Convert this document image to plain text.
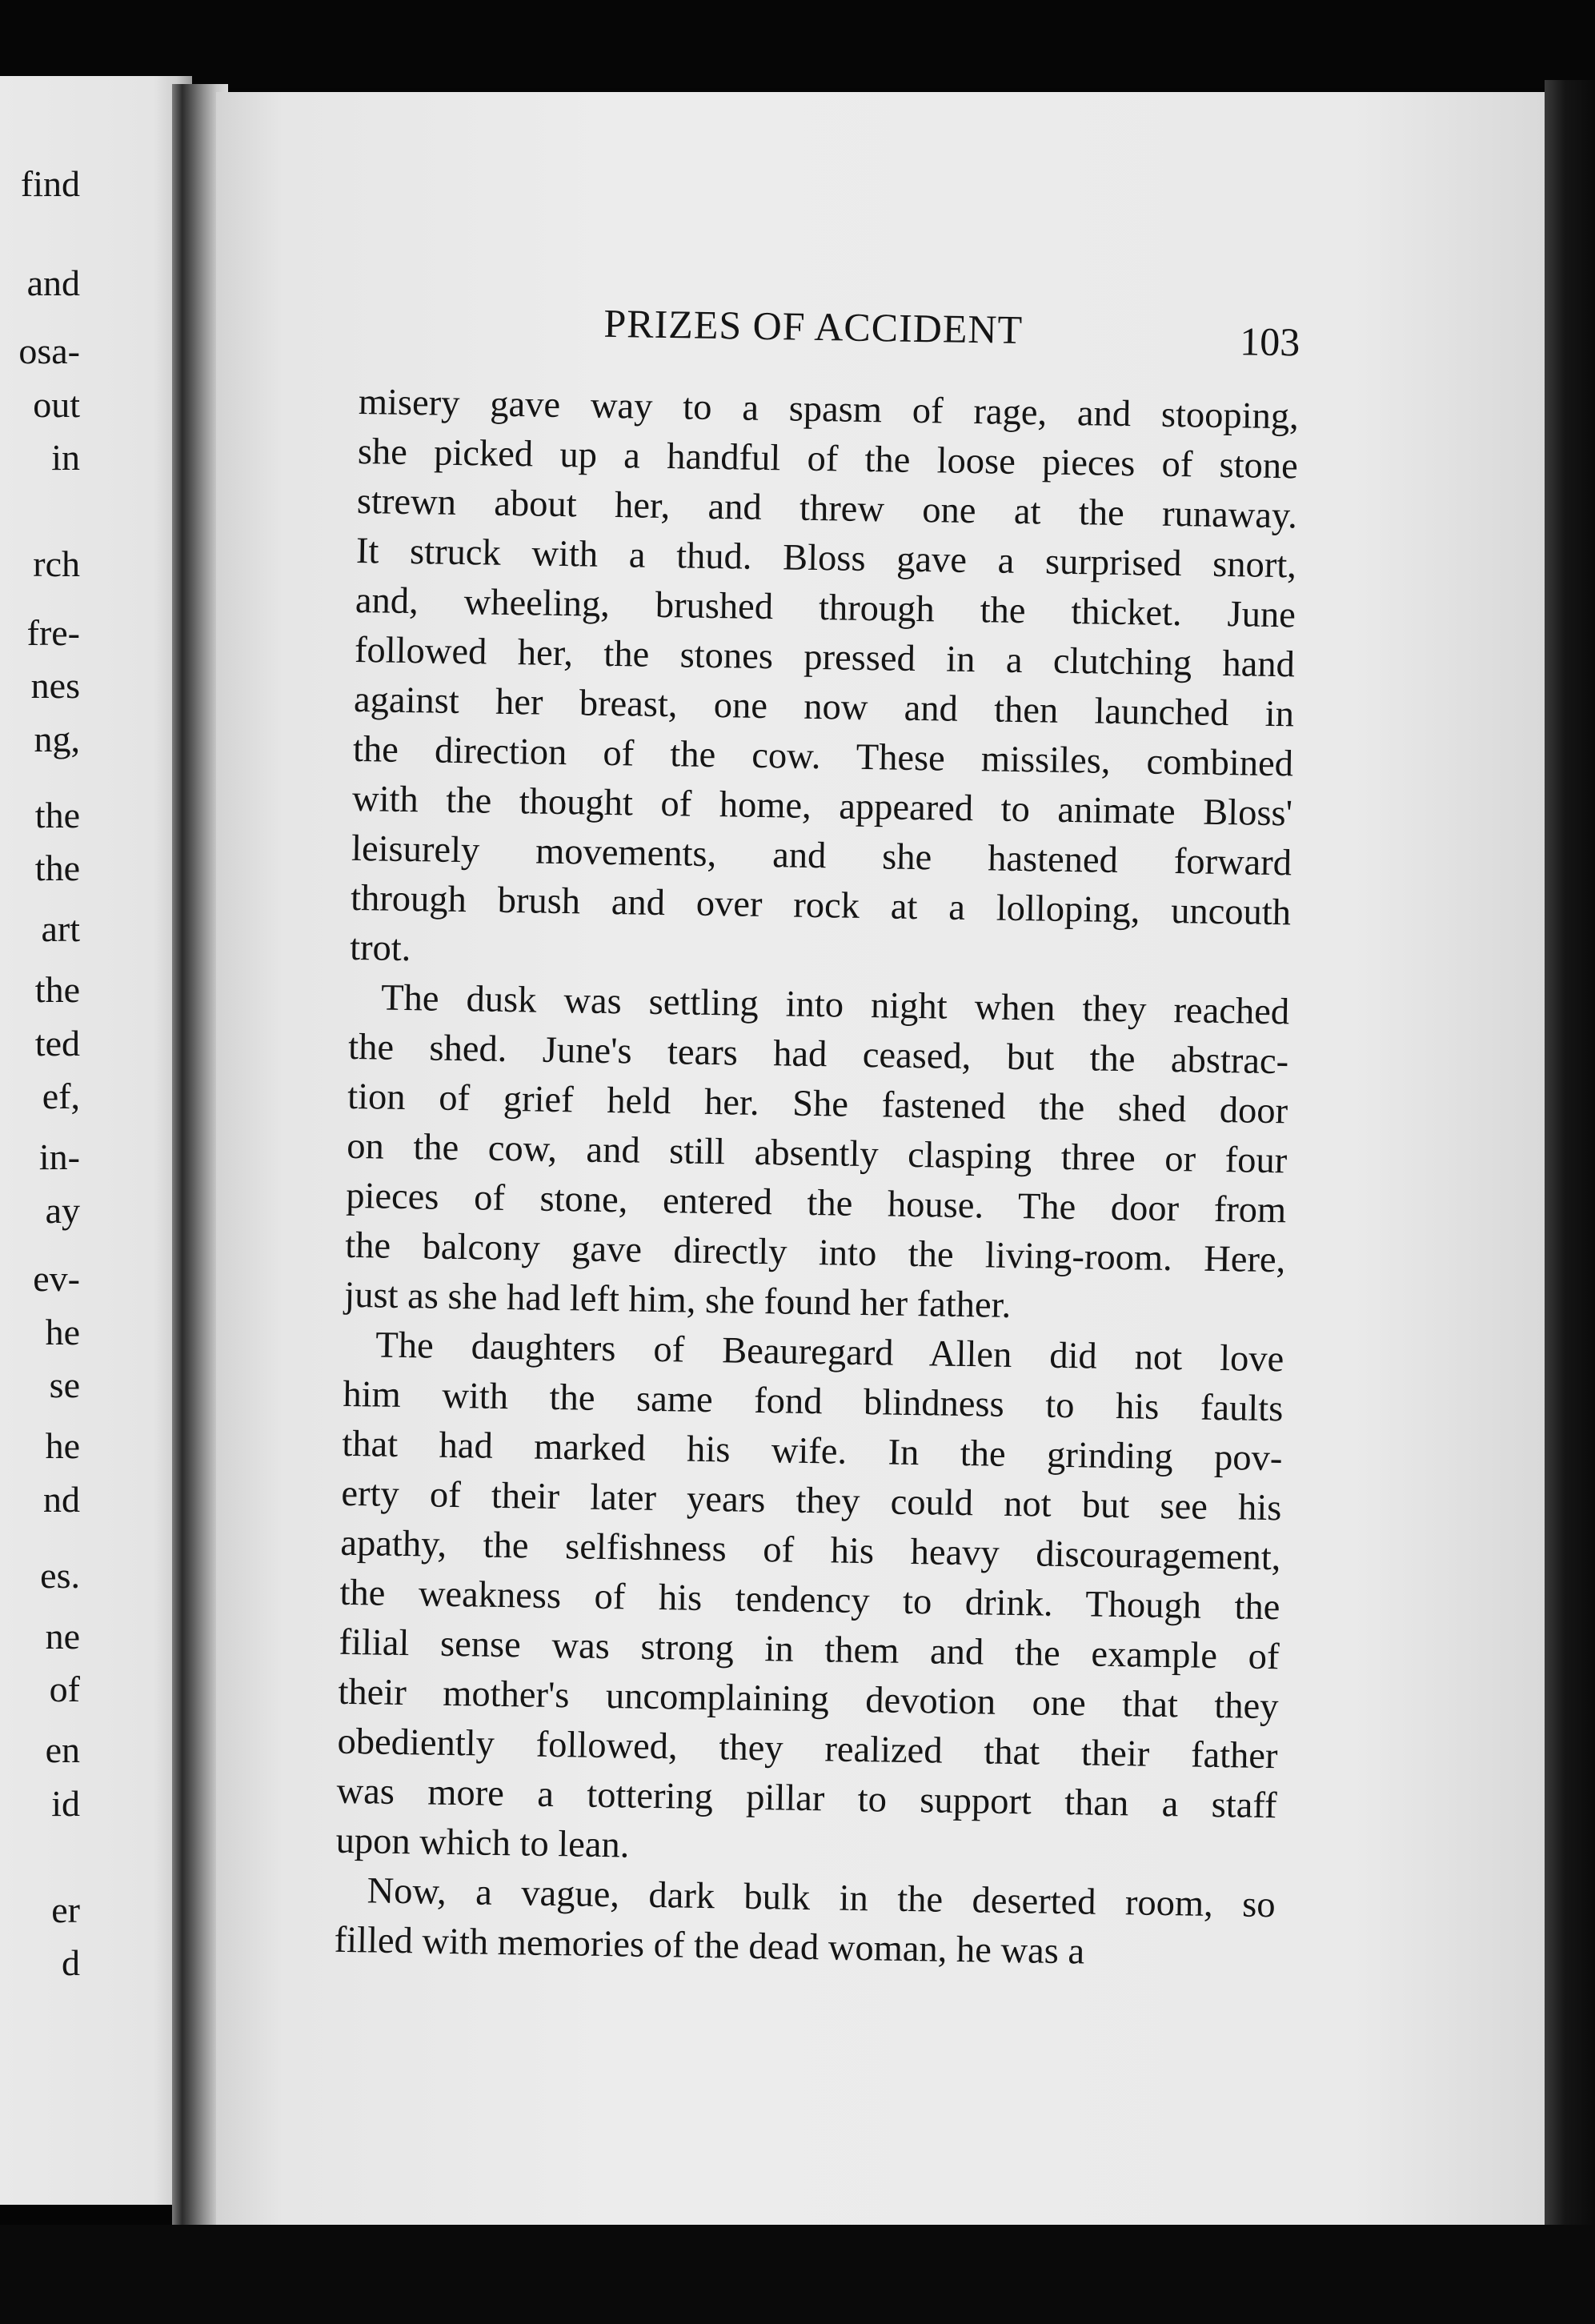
find
and
osa-
out
in
rch
fre-
nes
ng,
the
the
art
the
ted
ef,
in-
ay
ev-
he
se
he
nd
es.
ne
of
en
id
er
d
PRIZES OF ACCIDENT	103
misery gave way to a spasm of rage, and stooping,
she picked up a handful of the loose pieces of stone
strewn about her, and threw one at the runaway.
It struck with a thud. Bloss gave a surprised snort,
and, wheeling, brushed through the thicket. June
followed her, the stones pressed in a clutching hand
against her breast, one now and then launched in
the direction of the cow. These missiles, combined
with the thought of home, appeared to animate Bloss'
leisurely movements, and she hastened forward
through brush and over rock at a lolloping, uncouth
trot.
The dusk was settling into night when they reached
the shed. June's tears had ceased, but the abstrac-
tion of grief held her. She fastened the shed door
on the cow, and still absently clasping three or four
pieces of stone, entered the house. The door from
the balcony gave directly into the living-room. Here,
just as she had left him, she found her father.
The daughters of Beauregard Allen did not love
him with the same fond blindness to his faults
that had marked his wife. In the grinding pov-
erty of their later years they could not but see his
apathy, the selfishness of his heavy discouragement,
the weakness of his tendency to drink. Though the
filial sense was strong in them and the example of
their mother's uncomplaining devotion one that they
obediently followed, they realized that their father
was more a tottering pillar to support than a staff
upon which to lean.
Now, a vague, dark bulk in the deserted room, so
filled with memories of the dead woman, he was a
